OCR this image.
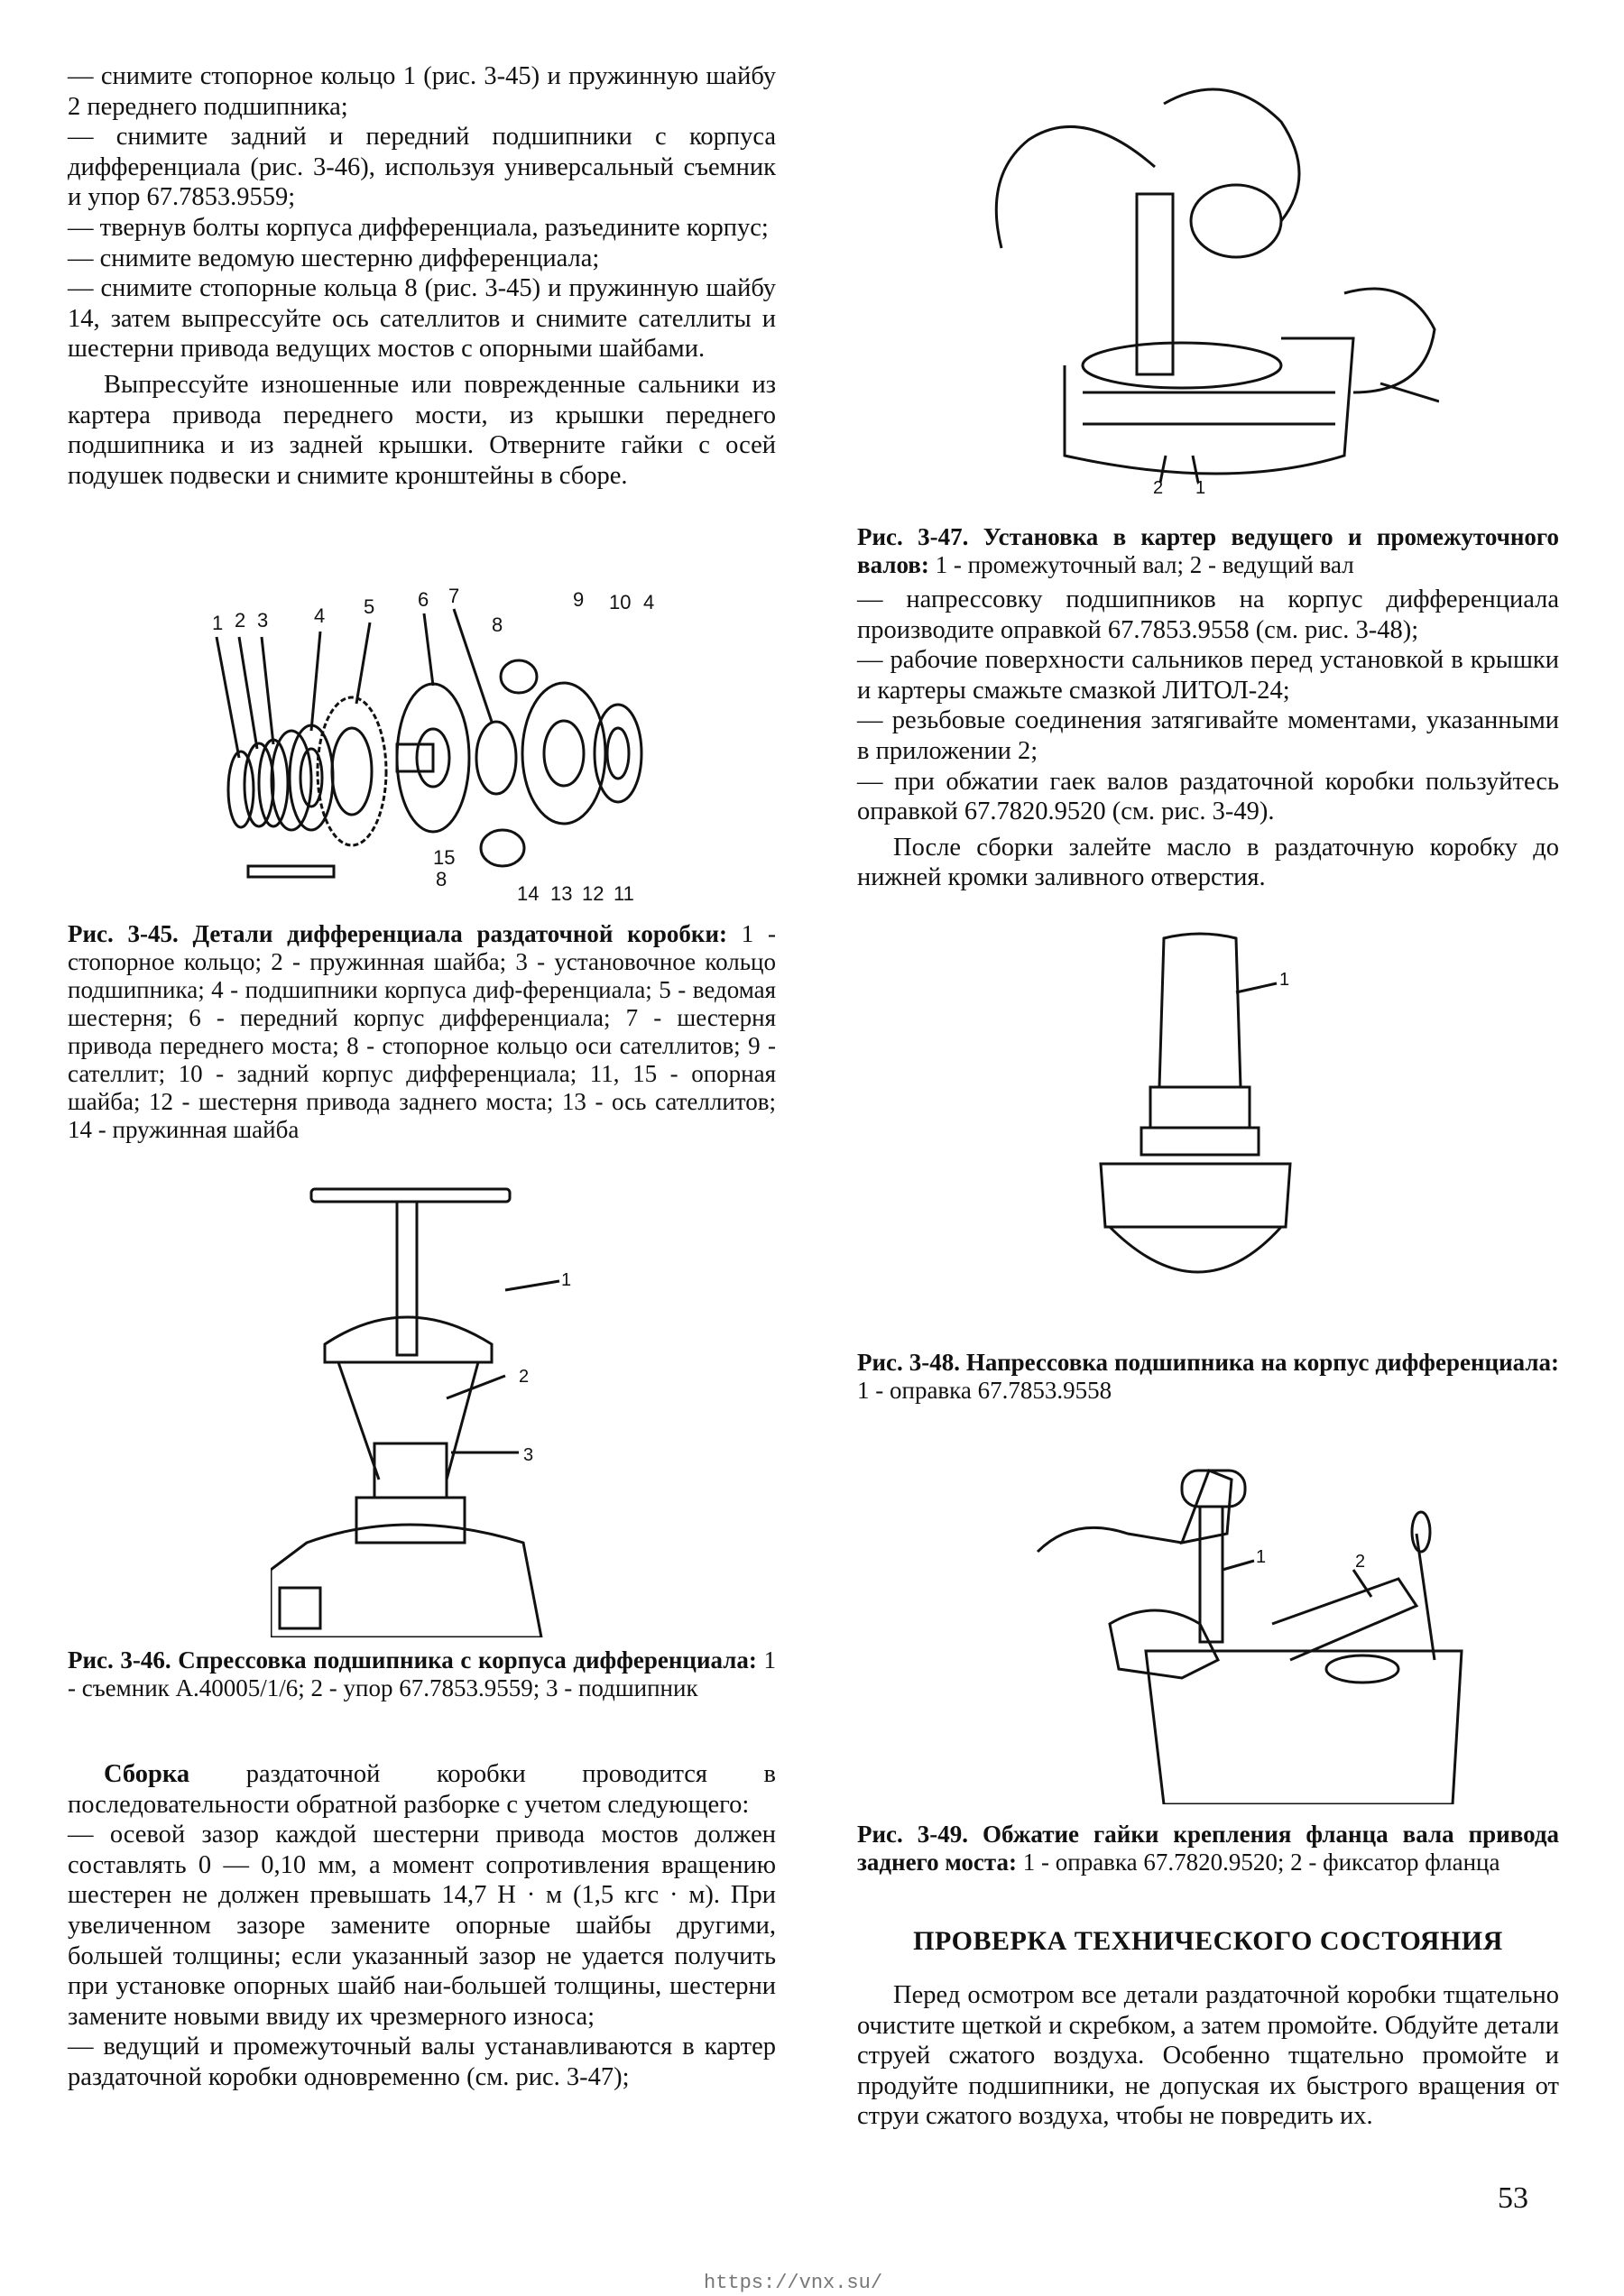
— снимите стопорное кольцо 1 (рис. 3-45) и пружинную шайбу 2 переднего подшипника;

— снимите задний и передний подшипники с корпуса дифференциала (рис. 3-46), используя универсальный съемник и упор 67.7853.9559;

— твернув болты корпуса дифференциала, разъедините корпус;

— снимите ведомую шестерню дифференциала;

— снимите стопорные кольца 8 (рис. 3-45) и пружинную шайбу 14, затем выпрессуйте ось сателлитов и снимите сателлиты и шестерни привода ведущих мостов с опорными шайбами.

Выпрессуйте изношенные или поврежденные сальники из картера привода переднего мости, из крышки переднего подшипника и из задней крышки. Отверните гайки с осей подушек подвески и снимите кронштейны в сборе.

1 2 3 4 5 6 7
8
9 10 4
15
8
14 13 12 11
Рис. 3-45. Детали дифференциала раздаточной коробки: 1 - стопорное кольцо; 2 - пружинная шайба; 3 - установочное кольцо подшипника; 4 - подшипники корпуса диф-ференциала; 5 - ведомая шестерня; 6 - передний корпус дифференциала; 7 - шестерня привода переднего моста; 8 - стопорное кольцо оси сателлитов; 9 - сателлит; 10 - задний корпус дифференциала; 11, 15 - опорная шайба; 12 - шестерня привода заднего моста; 13 - ось сателлитов; 14 - пружинная шайба
1
2
3
Рис. 3-46. Спрессовка подшипника с корпуса дифференциала: 1 - съемник А.40005/1/6; 2 - упор 67.7853.9559; 3 - подшипник

Сборка раздаточной коробки проводится в последовательности обратной разборке с учетом следующего:

— осевой зазор каждой шестерни привода мостов должен составлять 0 — 0,10 мм, а момент сопротивления вращению шестерен не должен превышать 14,7 Н · м (1,5 кгс · м). При увеличенном зазоре замените опорные шайбы другими, большей толщины; если указанный зазор не удается получить при установке опорных шайб наи-большей толщины, шестерни замените новыми ввиду их чрезмерного износа;

— ведущий и промежуточный валы устанавливаются в картер раздаточной коробки одновременно (см. рис. 3-47);

2 1
Рис. 3-47. Установка в картер ведущего и промежуточного валов: 1 - промежуточный вал; 2 - ведущий вал

— напрессовку подшипников на корпус дифференциала производите оправкой 67.7853.9558 (см. рис. 3-48);

— рабочие поверхности сальников перед установкой в крышки и картеры смажьте смазкой ЛИТОЛ-24;

— резьбовые соединения затягивайте моментами, указанными в приложении 2;

— при обжатии гаек валов раздаточной коробки пользуйтесь оправкой 67.7820.9520 (см. рис. 3-49).

После сборки залейте масло в раздаточную коробку до нижней кромки заливного отверстия.

1
Рис. 3-48. Напрессовка подшипника на корпус дифференциала: 1 - оправка 67.7853.9558
1	2
Рис. 3-49. Обжатие гайки крепления фланца вала привода заднего моста: 1 - оправка 67.7820.9520; 2 - фиксатор фланца
ПРОВЕРКА ТЕХНИЧЕСКОГО СОСТОЯНИЯ

Перед осмотром все детали раздаточной коробки тщательно очистите щеткой и скребком, а затем промойте. Обдуйте детали струей сжатого воздуха. Особенно тщательно промойте и продуйте подшипники, не допуская их быстрого вращения от струи сжатого воздуха, чтобы не повредить их.

53
https://vnx.su/
